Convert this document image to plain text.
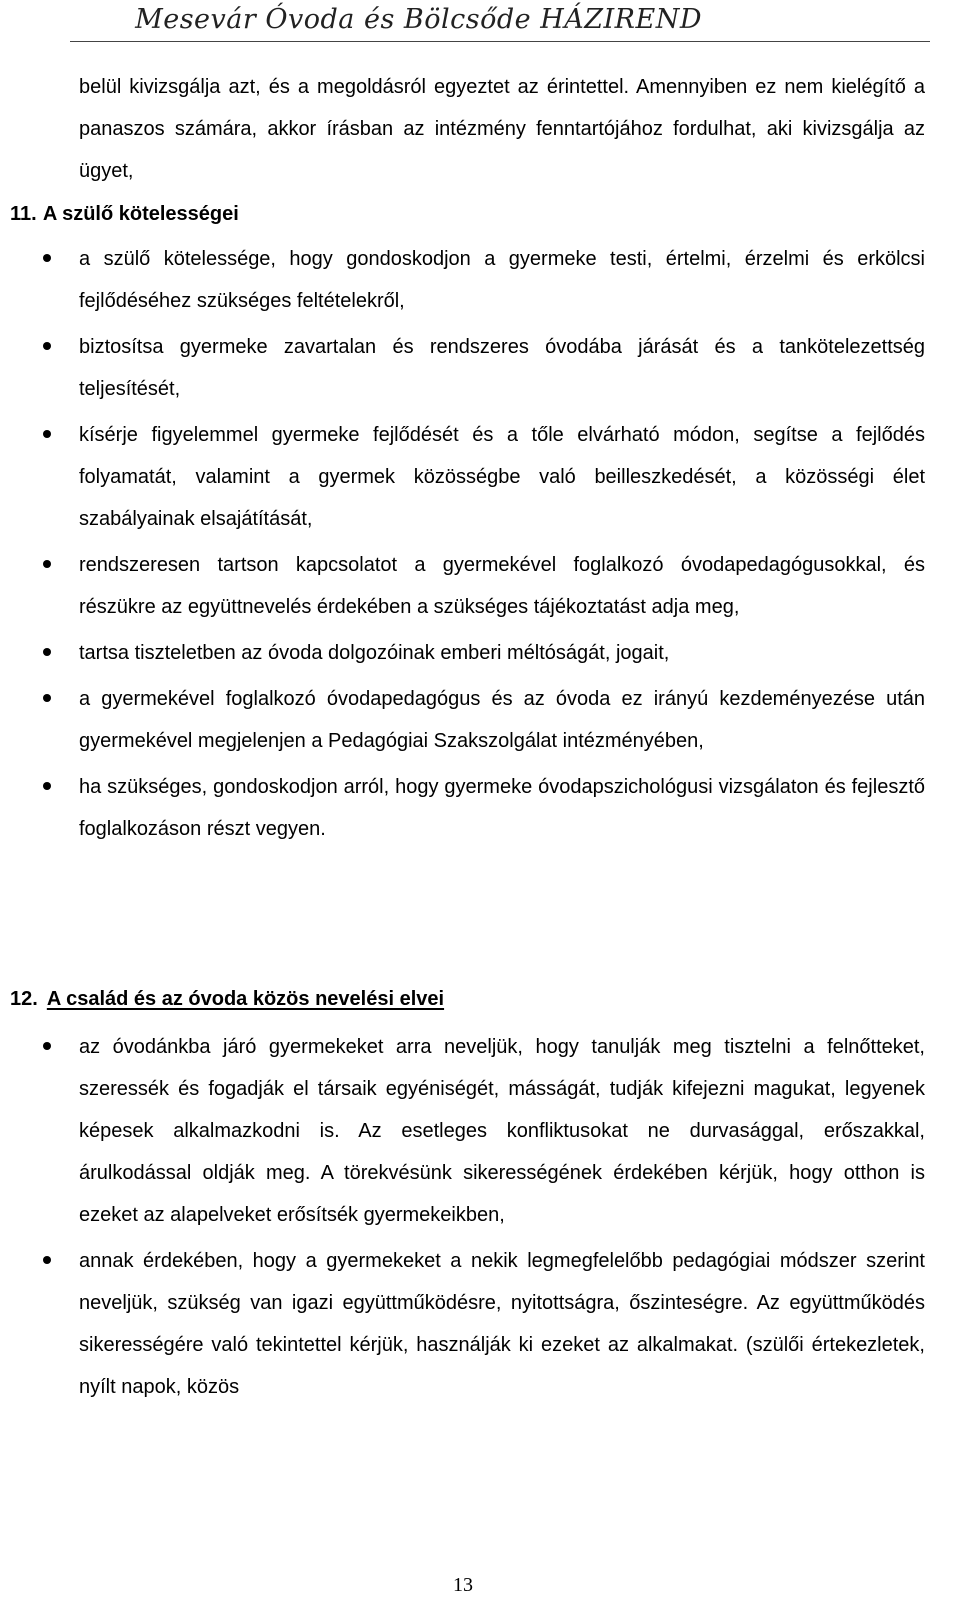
Mesevár Óvoda és Bölcsőde HÁZIREND

belül kivizsgálja azt, és a megoldásról egyeztet az érintettel. Amennyiben ez nem kielégítő a panaszos számára, akkor írásban az intézmény fenntartójához fordulhat, aki kivizsgálja az ügyet,

11. A szülő kötelességei
a szülő kötelessége, hogy gondoskodjon a gyermeke testi, értelmi, érzelmi és erkölcsi fejlődéséhez szükséges feltételekről,
biztosítsa gyermeke zavartalan és rendszeres óvodába járását és a tankötelezettség teljesítését,
kísérje figyelemmel gyermeke fejlődését és a tőle elvárható módon, segítse a fejlődés folyamatát, valamint a gyermek közösségbe való beilleszkedését, a közösségi élet szabályainak elsajátítását,
rendszeresen tartson kapcsolatot a gyermekével foglalkozó óvodapedagógusokkal, és részükre az együttnevelés érdekében a szükséges tájékoztatást adja meg,
tartsa tiszteletben az óvoda dolgozóinak emberi méltóságát, jogait,
a gyermekével foglalkozó óvodapedagógus és az óvoda ez irányú kezdeményezése után gyermekével megjelenjen a Pedagógiai Szakszolgálat intézményében,
ha szükséges, gondoskodjon arról, hogy gyermeke óvodapszichológusi vizsgálaton és fejlesztő foglalkozáson részt vegyen.
12. A család és az óvoda közös nevelési elvei
az óvodánkba járó gyermekeket arra neveljük, hogy tanulják meg tisztelni a felnőtteket, szeressék és fogadják el társaik egyéniségét, másságát, tudják kifejezni magukat, legyenek képesek alkalmazkodni is. Az esetleges konfliktusokat ne durvasággal, erőszakkal, árulkodással oldják meg. A törekvésünk sikerességének érdekében kérjük, hogy otthon is ezeket az alapelveket erősítsék gyermekeikben,
annak érdekében, hogy a gyermekeket a nekik legmegfelelőbb pedagógiai módszer szerint neveljük, szükség van igazi együttműködésre, nyitottságra, őszinteségre. Az együttműködés sikerességére való tekintettel kérjük, használják ki ezeket az alkalmakat. (szülői értekezletek, nyílt napok, közös
13
